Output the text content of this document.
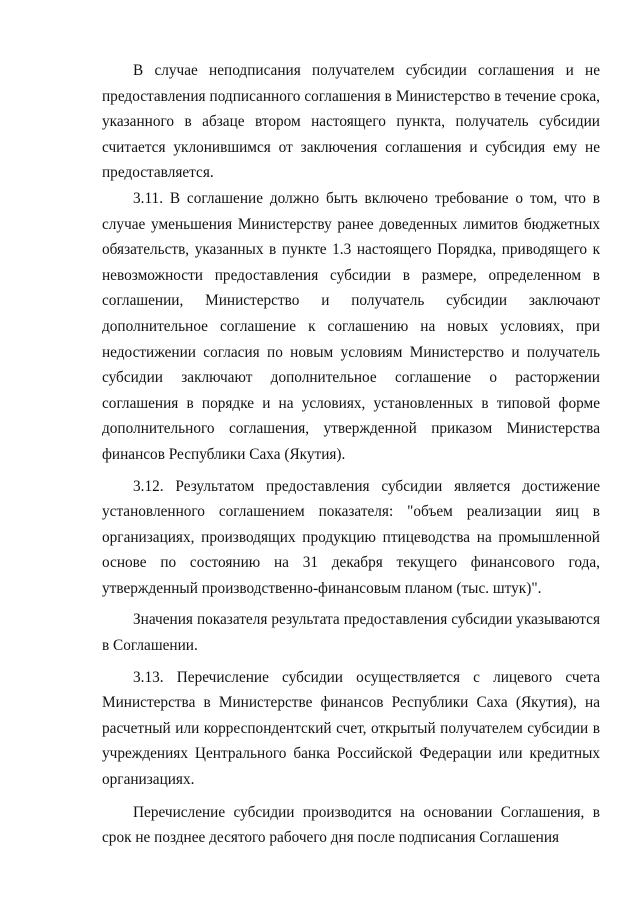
В случае неподписания получателем субсидии соглашения и не предоставления подписанного соглашения в Министерство в течение срока, указанного в абзаце втором настоящего пункта, получатель субсидии считается уклонившимся от заключения соглашения и субсидия ему не предоставляется.

3.11. В соглашение должно быть включено требование о том, что в случае уменьшения Министерству ранее доведенных лимитов бюджетных обязательств, указанных в пункте 1.3 настоящего Порядка, приводящего к невозможности предоставления субсидии в размере, определенном в соглашении, Министерство и получатель субсидии заключают дополнительное соглашение к соглашению на новых условиях, при недостижении согласия по новым условиям Министерство и получатель субсидии заключают дополнительное соглашение о расторжении соглашения в порядке и на условиях, установленных в типовой форме дополнительного соглашения, утвержденной приказом Министерства финансов Республики Саха (Якутия).

3.12. Результатом предоставления субсидии является достижение установленного соглашением показателя: "объем реализации яиц в организациях, производящих продукцию птицеводства на промышленной основе по состоянию на 31 декабря текущего финансового года, утвержденный производственно-финансовым планом (тыс. штук)".

Значения показателя результата предоставления субсидии указываются в Соглашении.

3.13. Перечисление субсидии осуществляется с лицевого счета Министерства в Министерстве финансов Республики Саха (Якутия), на расчетный или корреспондентский счет, открытый получателем субсидии в учреждениях Центрального банка Российской Федерации или кредитных организациях.

Перечисление субсидии производится на основании Соглашения, в срок не позднее десятого рабочего дня после подписания Соглашения
